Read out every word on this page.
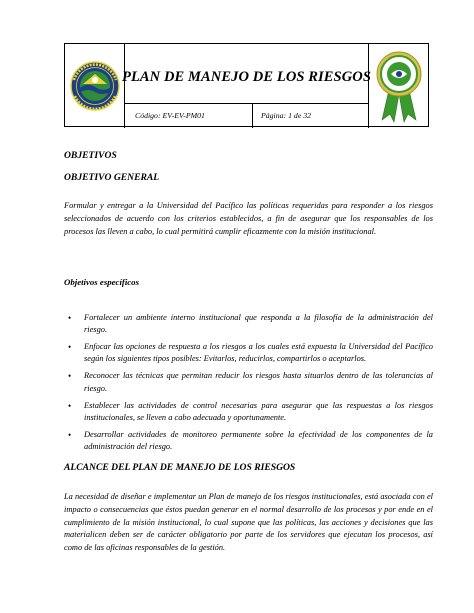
PLAN DE MANEJO DE LOS RIESGOS
Código: EV-EV-PM01	Página: 1 de 32
OBJETIVOS
OBJETIVO GENERAL
Formular y entregar a la Universidad del Pacífico las políticas requeridas para responder a los riesgos seleccionados de acuerdo con los criterios establecidos, a fin de asegurar que los responsables de los procesos las lleven a cabo, lo cual permitirá cumplir eficazmente con la misión institucional.
Objetivos específicos
• Fortalecer un ambiente interno institucional que responda a la filosofía de la administración del riesgo.
• Enfocar las opciones de respuesta a los riesgos a los cuales está expuesta la Universidad del Pacífico según los siguientes tipos posibles: Evitarlos, reducirlos, compartirlos o aceptarlos.
• Reconocer las técnicas que permitan reducir los riesgos hasta situarlos dentro de las tolerancias al riesgo.
• Establecer las actividades de control necesarias para asegurar que las respuestas a los riesgos institucionales, se lleven a cabo adecuada y oportunamente.
• Desarrollar actividades de monitoreo permanente sobre la efectividad de los componentes de la administración del riesgo.
ALCANCE DEL PLAN DE MANEJO DE LOS RIESGOS
La necesidad de diseñar e implementar un Plan de manejo de los riesgos institucionales, está asociada con el impacto o consecuencias que éstos puedan generar en el normal desarrollo de los procesos y por ende en el cumplimiento de la misión institucional, lo cual supone que las políticas, las acciones y decisiones que las materialicen deben ser de carácter obligatorio por parte de los servidores que ejecutan los procesos, así como de las oficinas responsables de la gestión.
